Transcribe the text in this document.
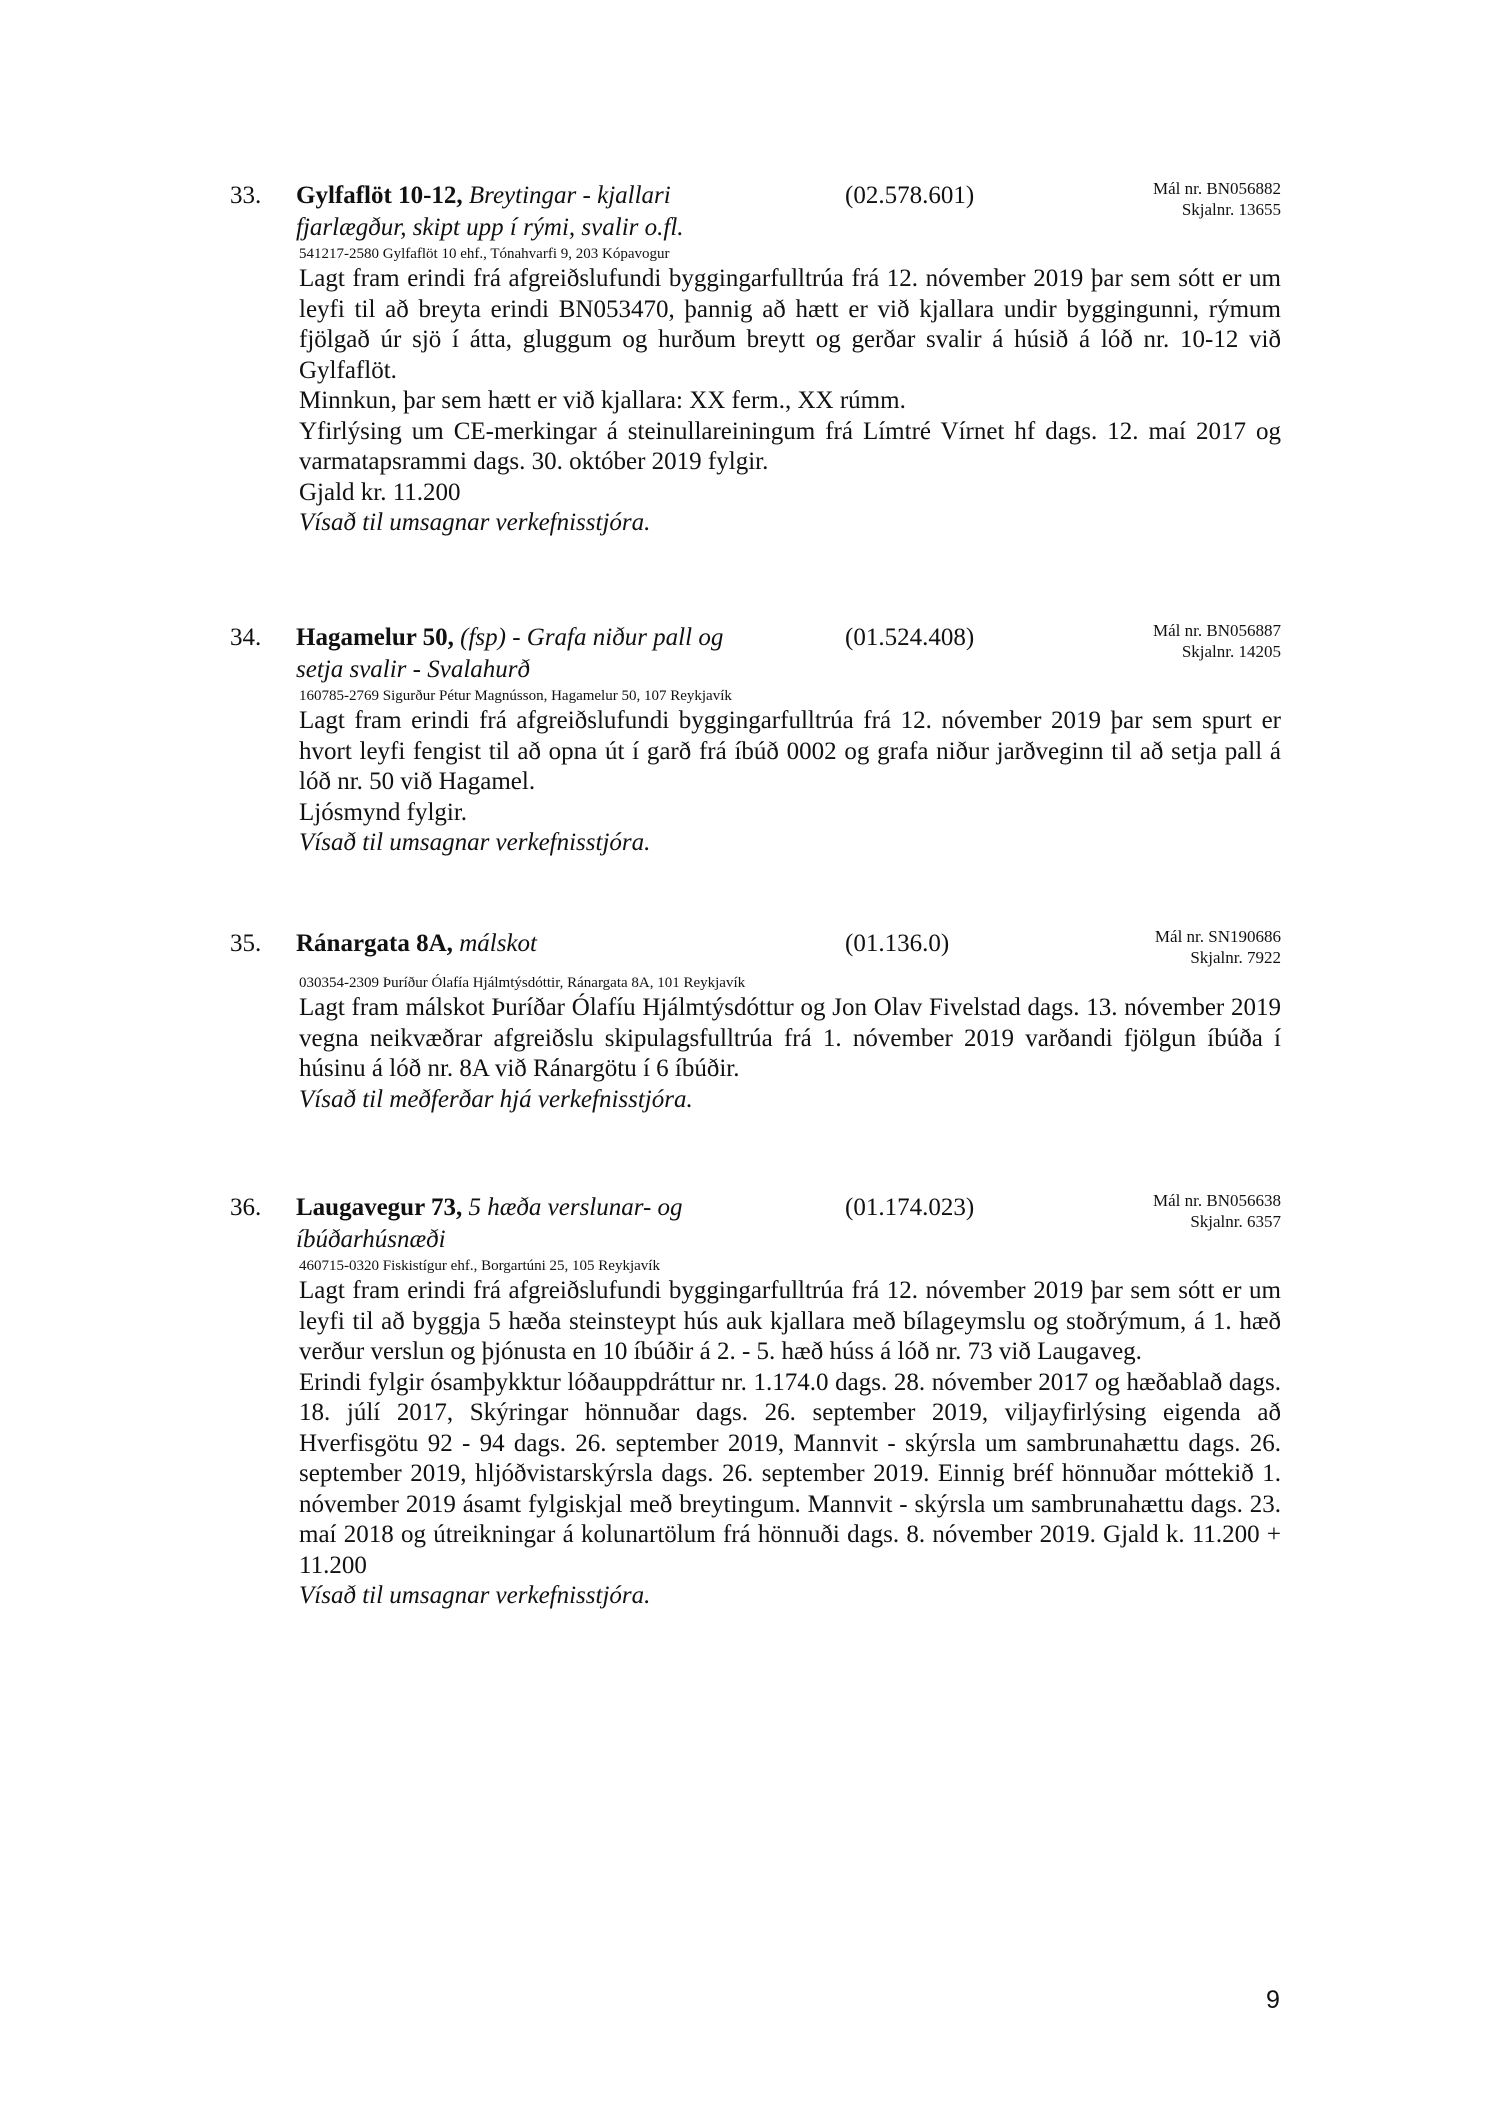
33. Gylfaflöt 10-12, Breytingar - kjallari
fjarlægður, skipt upp í rými, svalir o.fl.
(02.578.601)	Mál nr. BN056882
Skjalnr. 13655
541217-2580 Gylfaflöt 10 ehf., Tónahvarfi 9, 203 Kópavogur

Lagt fram erindi frá afgreiðslufundi byggingarfulltrúa frá 12. nóvember 2019 þar sem sótt er um leyfi til að breyta erindi BN053470, þannig að hætt er við kjallara undir byggingunni, rýmum fjölgað úr sjö í átta, gluggum og hurðum breytt og gerðar svalir á húsið á lóð nr. 10-12 við Gylfaflöt.

Minnkun, þar sem hætt er við kjallara: XX ferm., XX rúmm.

Yfirlýsing um CE-merkingar á steinullareiningum frá Límtré Vírnet hf dags. 12. maí 2017 og varmatapsrammi dags. 30. október 2019 fylgir.

Gjald kr. 11.200

Vísað til umsagnar verkefnisstjóra.

34. Hagamelur 50, (fsp) - Grafa niður pall og
setja svalir - Svalahurð
(01.524.408)	Mál nr. BN056887
Skjalnr. 14205
160785-2769 Sigurður Pétur Magnússon, Hagamelur 50, 107 Reykjavík

Lagt fram erindi frá afgreiðslufundi byggingarfulltrúa frá 12. nóvember 2019 þar sem spurt er hvort leyfi fengist til að opna út í garð frá íbúð 0002 og grafa niður jarðveginn til að setja pall á lóð nr. 50 við Hagamel.

Ljósmynd fylgir.

Vísað til umsagnar verkefnisstjóra.

35. Ránargata 8A, málskot	(01.136.0)	Mál nr. SN190686
Skjalnr. 7922
030354-2309 Þuríður Ólafía Hjálmtýsdóttir, Ránargata 8A, 101 Reykjavík

Lagt fram málskot Þuríðar Ólafíu Hjálmtýsdóttur og Jon Olav Fivelstad dags. 13. nóvember 2019 vegna neikvæðrar afgreiðslu skipulagsfulltrúa frá 1. nóvember 2019 varðandi fjölgun íbúða í húsinu á lóð nr. 8A við Ránargötu í 6 íbúðir.

Vísað til meðferðar hjá verkefnisstjóra.

36. Laugavegur 73, 5 hæða verslunar- og
íbúðarhúsnæði
(01.174.023)	Mál nr. BN056638
Skjalnr. 6357
460715-0320 Fiskistígur ehf., Borgartúni 25, 105 Reykjavík

Lagt fram erindi frá afgreiðslufundi byggingarfulltrúa frá 12. nóvember 2019 þar sem sótt er um leyfi til að byggja 5 hæða steinsteypt hús auk kjallara með bílageymslu og stoðrýmum, á 1. hæð verður verslun og þjónusta en 10 íbúðir á 2. - 5. hæð húss á lóð nr. 73 við Laugaveg.

Erindi fylgir ósamþykktur lóðauppdráttur nr. 1.174.0 dags. 28. nóvember 2017 og hæðablað dags. 18. júlí 2017, Skýringar hönnuðar dags. 26. september 2019, viljayfirlýsing eigenda að Hverfisgötu 92 - 94 dags. 26. september 2019, Mannvit - skýrsla um sambrunahættu dags. 26. september 2019, hljóðvistarskýrsla dags. 26. september 2019. Einnig bréf hönnuðar móttekið 1. nóvember 2019 ásamt fylgiskjal með breytingum. Mannvit - skýrsla um sambrunahættu dags. 23. maí 2018 og útreikningar á kolunartölum frá hönnuði dags. 8. nóvember 2019. Gjald k. 11.200 + 11.200

Vísað til umsagnar verkefnisstjóra.

9
